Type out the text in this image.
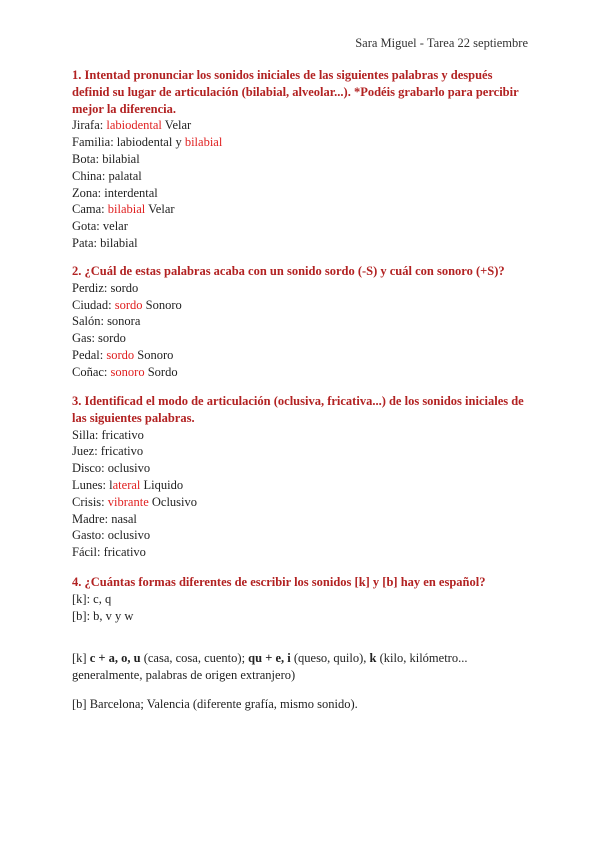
Sara Miguel - Tarea 22 septiembre

1. Intentad pronunciar los sonidos iniciales de las siguientes palabras y después definid su lugar de articulación (bilabial, alveolar...). *Podéis grabarlo para percibir mejor la diferencia.

Jirafa: labiodental Velar
Familia: labiodental y bilabial
Bota: bilabial
China: palatal
Zona: interdental
Cama: bilabial Velar
Gota: velar
Pata: bilabial

2. ¿Cuál de estas palabras acaba con un sonido sordo (-S) y cuál con sonoro (+S)?

Perdiz: sordo
Ciudad: sordo Sonoro
Salón: sonora
Gas: sordo
Pedal: sordo Sonoro
Coñac: sonoro Sordo

3. Identificad el modo de articulación (oclusiva, fricativa...) de los sonidos iniciales de las siguientes palabras.

Silla: fricativo
Juez: fricativo
Disco: oclusivo
Lunes: lateral Liquido
Crisis: vibrante Oclusivo
Madre: nasal
Gasto: oclusivo
Fácil: fricativo

4. ¿Cuántas formas diferentes de escribir los sonidos [k] y [b] hay en español?

[k]: c, q
[b]: b, v y w
[k] c + a, o, u (casa, cosa, cuento); qu + e, i (queso, quilo), k (kilo, kilómetro...
generalmente, palabras de origen extranjero)
[b] Barcelona; Valencia (diferente grafía, mismo sonido).
